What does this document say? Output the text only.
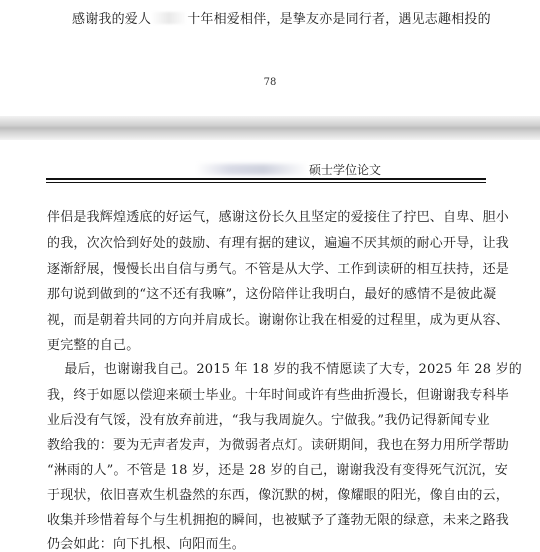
感谢我的爱人	十年相爱相伴，是挚友亦是同行者，遇见志趣相投的
78
硕士学位论文
伴侣是我辉煌透底的好运气，感谢这份长久且坚定的爱接住了拧巴、自卑、胆小
的我，次次恰到好处的鼓励、有理有据的建议，遍遍不厌其烦的耐心开导，让我
逐渐舒展，慢慢长出自信与勇气。不管是从大学、工作到读研的相互扶持，还是
那句说到做到的“这不还有我嘛”，这份陪伴让我明白，最好的感情不是彼此凝
视，而是朝着共同的方向并肩成长。谢谢你让我在相爱的过程里，成为更从容、
更完整的自己。
最后，也谢谢我自己。2015 年 18 岁的我不情愿读了大专，2025 年 28 岁的
我，终于如愿以偿迎来硕士毕业。十年时间或许有些曲折漫长，但谢谢我专科毕
业后没有气馁，没有放弃前进，“我与我周旋久。宁做我。”我仍记得新闻专业
教给我的：要为无声者发声，为微弱者点灯。读研期间，我也在努力用所学帮助
“淋雨的人”。不管是 18 岁，还是 28 岁的自己，谢谢我没有变得死气沉沉，安
于现状，依旧喜欢生机盎然的东西，像沉默的树，像耀眼的阳光，像自由的云，
收集并珍惜着每个与生机拥抱的瞬间，也被赋予了蓬勃无限的绿意，未来之路我
仍会如此：向下扎根、向阳而生。
